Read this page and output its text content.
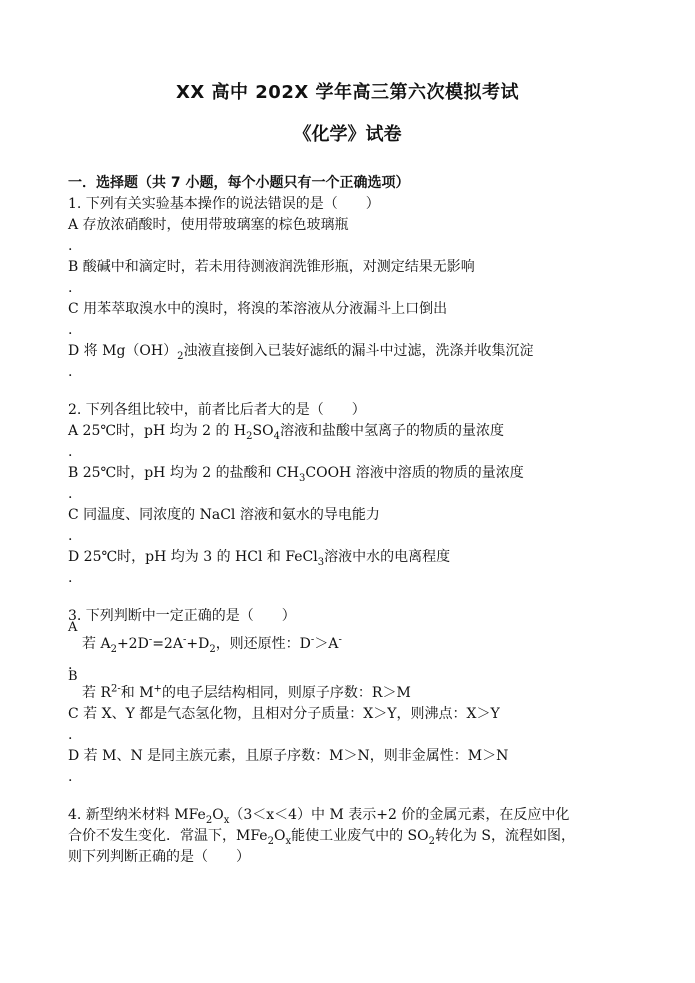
XX 高中 202X 学年高三第六次模拟考试
《化学》试卷
一．选择题（共 7 小题，每个小题只有一个正确选项）
1. 下列有关实验基本操作的说法错误的是（　　）
A 存放浓硝酸时，使用带玻璃塞的棕色玻璃瓶
.
B 酸碱中和滴定时，若未用待测液润洗锥形瓶，对测定结果无影响
.
C 用苯萃取溴水中的溴时，将溴的苯溶液从分液漏斗上口倒出
.
D 将 $Mg(OH)_2$浊液直接倒入已装好滤纸的漏斗中过滤，洗涤并收集沉淀
.
2. 下列各组比较中，前者比后者大的是（　　）
A 25℃时，pH 均为 2 的 $H_2SO_4$溶液和盐酸中氢离子的物质的量浓度
.
B 25℃时，pH 均为 2 的盐酸和 $CH_3COOH$ 溶液中溶质的物质的量浓度
.
C 同温度、同浓度的 NaCl 溶液和氨水的导电能力
.
D 25℃时，pH 均为 3 的 HCl 和 FeCl$_3$溶液中水的电离程度
.
3. 下列判断中一定正确的是（　　）
A
若 $A_2+2D^-=2A^-+D_2$，则还原性：D-＞A-
.
B
若 $R^{2-}$和 M+的电子层结构相同，则原子序数：R＞M
C 若 X、Y 都是气态氢化物，且相对分子质量：X＞Y，则沸点：X＞Y
.
D 若 M、N 是同主族元素，且原子序数：M＞N，则非金属性：M＞N
.
4. 新型纳米材料 $MFe_2O_x(3<x<4)$中 M 表示+2 价的金属元素，在反应中化
合价不发生变化．常温下，$MFe_2O_x$能使工业废气中的 $SO_2$转化为 S，流程如图，
则下列判断正确的是（　　）
